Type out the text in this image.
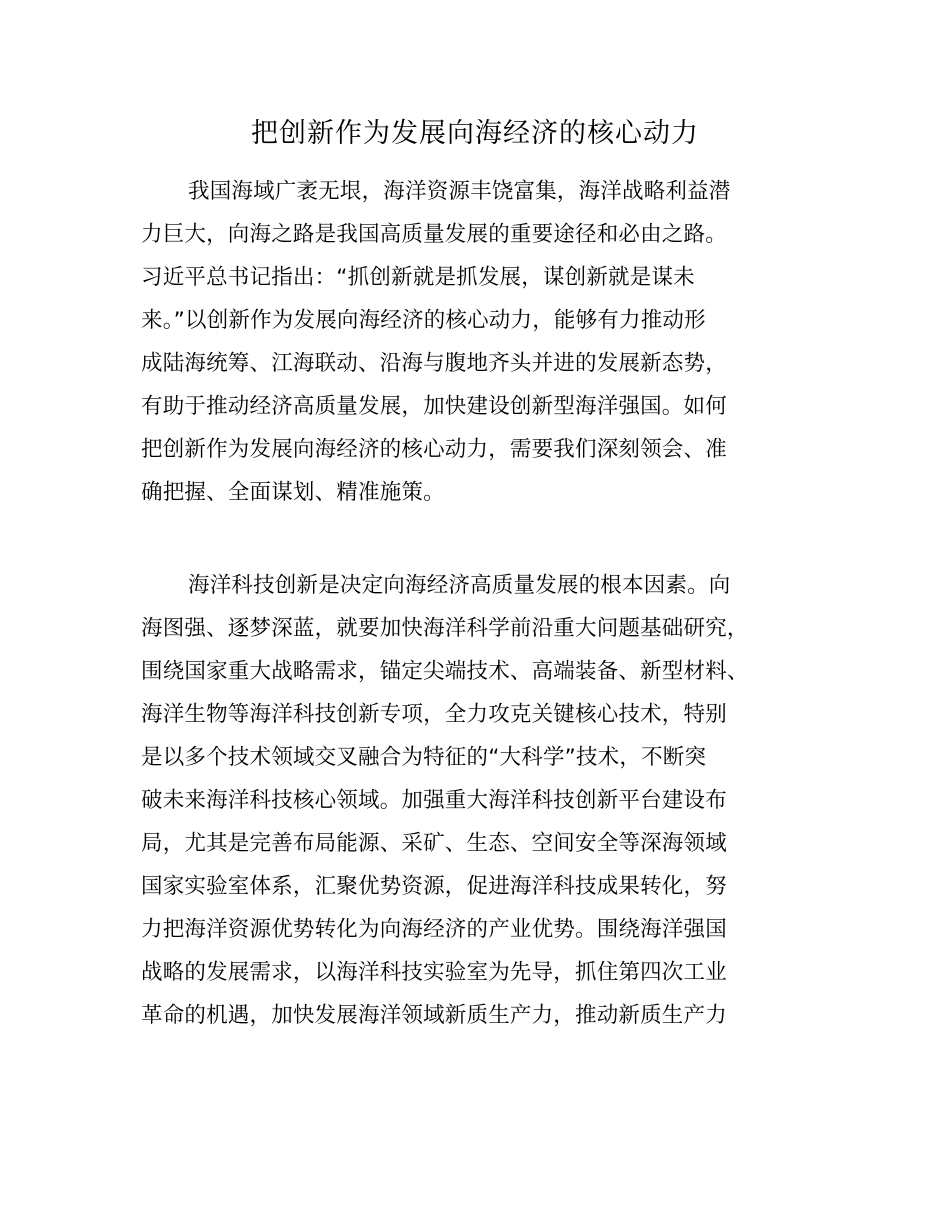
把创新作为发展向海经济的核心动力
我国海域广袤无垠，海洋资源丰饶富集，海洋战略利益潜
力巨大，向海之路是我国高质量发展的重要途径和必由之路。
习近平总书记指出：“抓创新就是抓发展，谋创新就是谋未
来。”以创新作为发展向海经济的核心动力，能够有力推动形
成陆海统筹、江海联动、沿海与腹地齐头并进的发展新态势，
有助于推动经济高质量发展，加快建设创新型海洋强国。如何
把创新作为发展向海经济的核心动力，需要我们深刻领会、准
确把握、全面谋划、精准施策。
海洋科技创新是决定向海经济高质量发展的根本因素。向
海图强、逐梦深蓝，就要加快海洋科学前沿重大问题基础研究，
围绕国家重大战略需求，锚定尖端技术、高端装备、新型材料、
海洋生物等海洋科技创新专项，全力攻克关键核心技术，特别
是以多个技术领域交叉融合为特征的“大科学”技术，不断突
破未来海洋科技核心领域。加强重大海洋科技创新平台建设布
局，尤其是完善布局能源、采矿、生态、空间安全等深海领域
国家实验室体系，汇聚优势资源，促进海洋科技成果转化，努
力把海洋资源优势转化为向海经济的产业优势。围绕海洋强国
战略的发展需求，以海洋科技实验室为先导，抓住第四次工业
革命的机遇，加快发展海洋领域新质生产力，推动新质生产力
